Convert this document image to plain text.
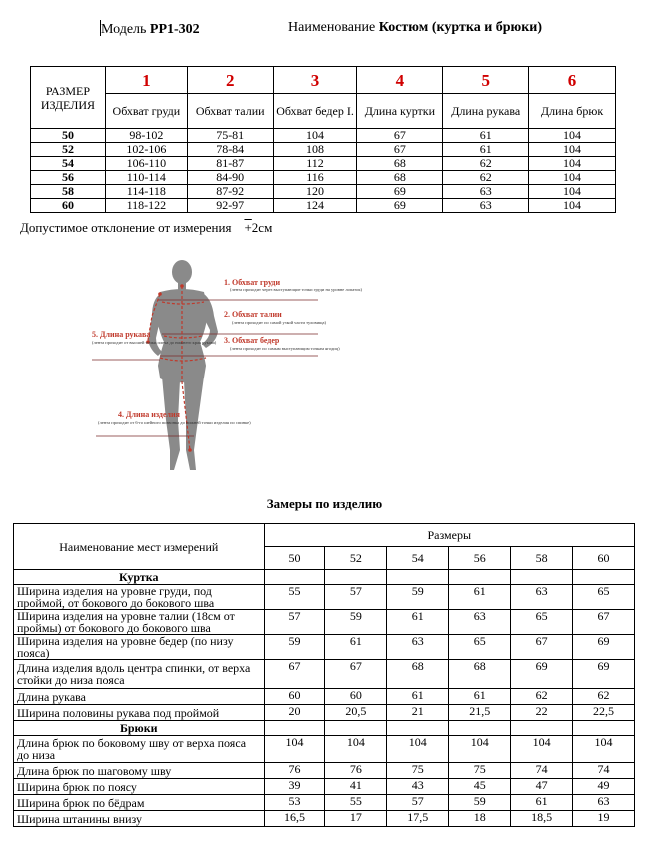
Модель PP1-302	Наименование Костюм (куртка и брюки)
РАЗМЕР ИЗДЕЛИЯ	1	2	3	4	5	6
	Обхват груди	Обхват талии	Обхват бедер I.	Длина куртки	Длина рукава	Длина брюк
50	98-102	75-81	104	67	61	104
52	102-106	78-84	108	67	61	104
54	106-110	81-87	112	68	62	104
56	110-114	84-90	116	68	62	104
58	114-118	87-92	120	69	63	104
60	118-122	92-97	124	69	63	104
Допустимое отклонение от измерения +2см
1. Обхват груди
(лента проходит через выступающие точки груди на уровне лопаток)
2. Обхват талии
(лента проходит по самой узкой части туловища)
3. Обхват бедер
(лента проходит по самым выступающим точкам ягодиц)
5. Длина рукава
(лента проходит от высшей точки плеча до нижнего края рукава)
4. Длина изделия
(лента проходит от 6-го шейного позвонка до нижней точки изделия по спинке)
Замеры по изделию
Наименование мест измерений	Размеры					
	50	52	54	56	58	60
Куртка						
Ширина изделия на уровне груди, под проймой, от бокового до бокового шва	55	57	59	61	63	65
Ширина изделия на уровне талии (18см от проймы) от бокового до бокового шва	57	59	61	63	65	67
Ширина изделия на уровне бедер (по низу пояса)	59	61	63	65	67	69
Длина изделия вдоль центра спинки, от верха стойки до низа пояса	67	67	68	68	69	69
Длина рукава	60	60	61	61	62	62
Ширина половины рукава под проймой	20	20,5	21	21,5	22	22,5
Брюки						
Длина брюк по боковому шву от верха пояса до низа	104	104	104	104	104	104
Длина брюк по шаговому шву	76	76	75	75	74	74
Ширина брюк по поясу	39	41	43	45	47	49
Ширина брюк по бёдрам	53	55	57	59	61	63
Ширина штанины внизу	16,5	17	17,5	18	18,5	19
